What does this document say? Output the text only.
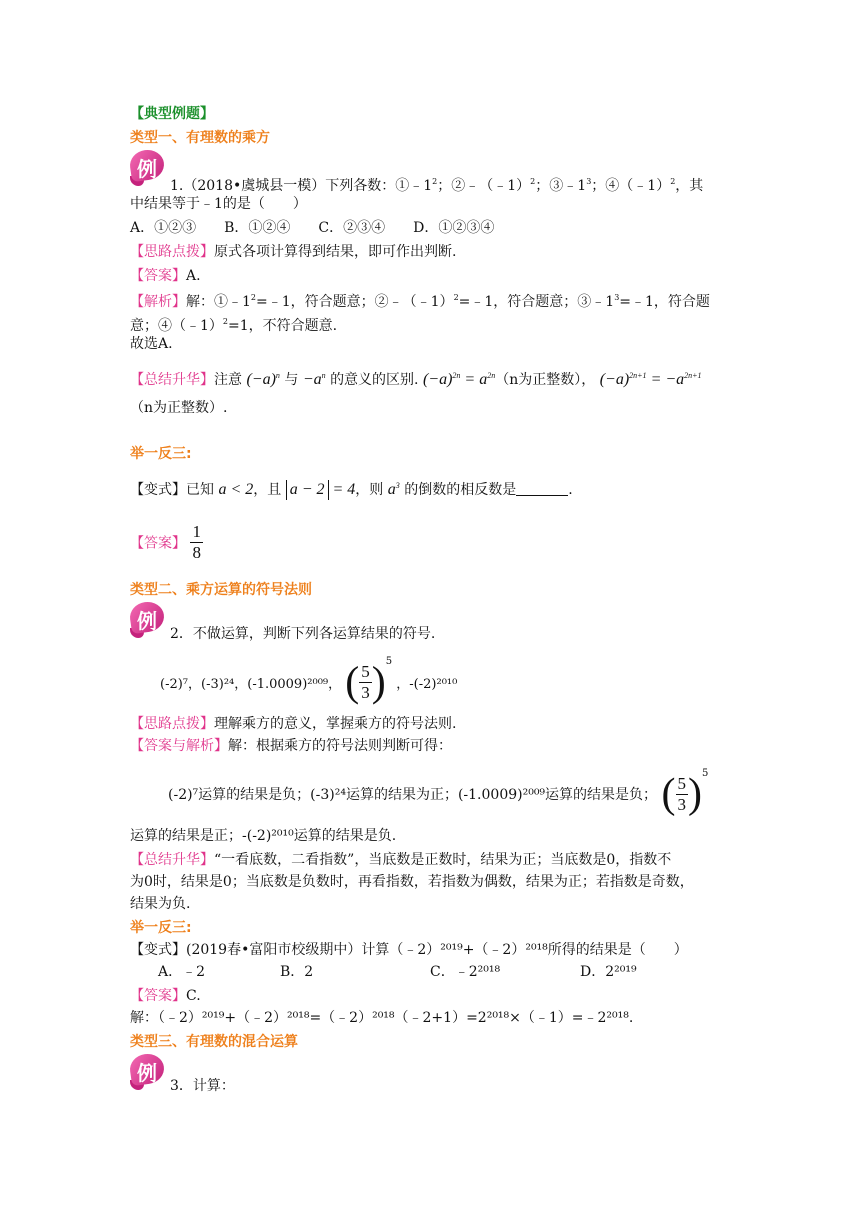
【典型例题】
类型一、有理数的乘方
例
1.（2018•虞城县一模）下列各数：$①﹣1^2$；②﹣（﹣1）$^2$；$③﹣1^3$；④（﹣1）$^2$，其
中结果等于﹣1的是（　　）
A．①②③　　B．①②④　　C．②③④　　D．①②③④
【思路点拨】原式各项计算得到结果，即可作出判断.
【答案】A.
【解析】解：$①﹣1^2=﹣1$，符合题意；②﹣（﹣1）$^2$=﹣1，符合题意；$③﹣1^3=﹣1$，符合题
意；④（﹣1）$^2$=1，不符合题意.
故选A.
【总结升华】注意 $(-a)^n$ 与 $-a^n$ 的意义的区别. $(-a)^{2n} = a^{2n}(n$为正整数）， $(-a)^{2n+1} = -a^{2n+1}$
（n为正整数）.
举一反三:
【变式】已知 a < 2，且 a − 2 = 4，则 $a^3$ 的倒数的相反数是	.
【答案】 $\frac{1}{8}$
类型二、乘方运算的符号法则
例
2．不做运算，判断下列各运算结果的符号.
(-2)⁷，(-3)²⁴，(-1.0009)²⁰⁰⁹， ( $\frac{5}{3} )^5$ ，-(-2)²⁰¹⁰
【思路点拨】理解乘方的意义，掌握乘方的符号法则.
【答案与解析】解：根据乘方的符号法则判断可得：
(-2)⁷运算的结果是负；(-3)²⁴运算的结果为正；(-1.0009)²⁰⁰⁹运算的结果是负； ( $\frac{5}{3} )^5$
运算的结果是正；-(-2)²⁰¹⁰运算的结果是负.
【总结升华】“一看底数，二看指数”，当底数是正数时，结果为正；当底数是0，指数不
为0时，结果是0；当底数是负数时，再看指数，若指数为偶数，结果为正；若指数是奇数，
结果为负.
举一反三:
【变式】(2019春•富阳市校级期中）计算（﹣2）²⁰¹⁹+（﹣2）²⁰¹⁸所得的结果是（　　）
A．﹣2	B．2	C．﹣2²⁰¹⁸	D．2²⁰¹⁹
【答案】C.
解：（﹣2）²⁰¹⁹+（﹣2）²⁰¹⁸=（﹣2）²⁰¹⁸（﹣2+1）=2²⁰¹⁸×（﹣1）=﹣2²⁰¹⁸.
类型三、有理数的混合运算
例
3．计算：
